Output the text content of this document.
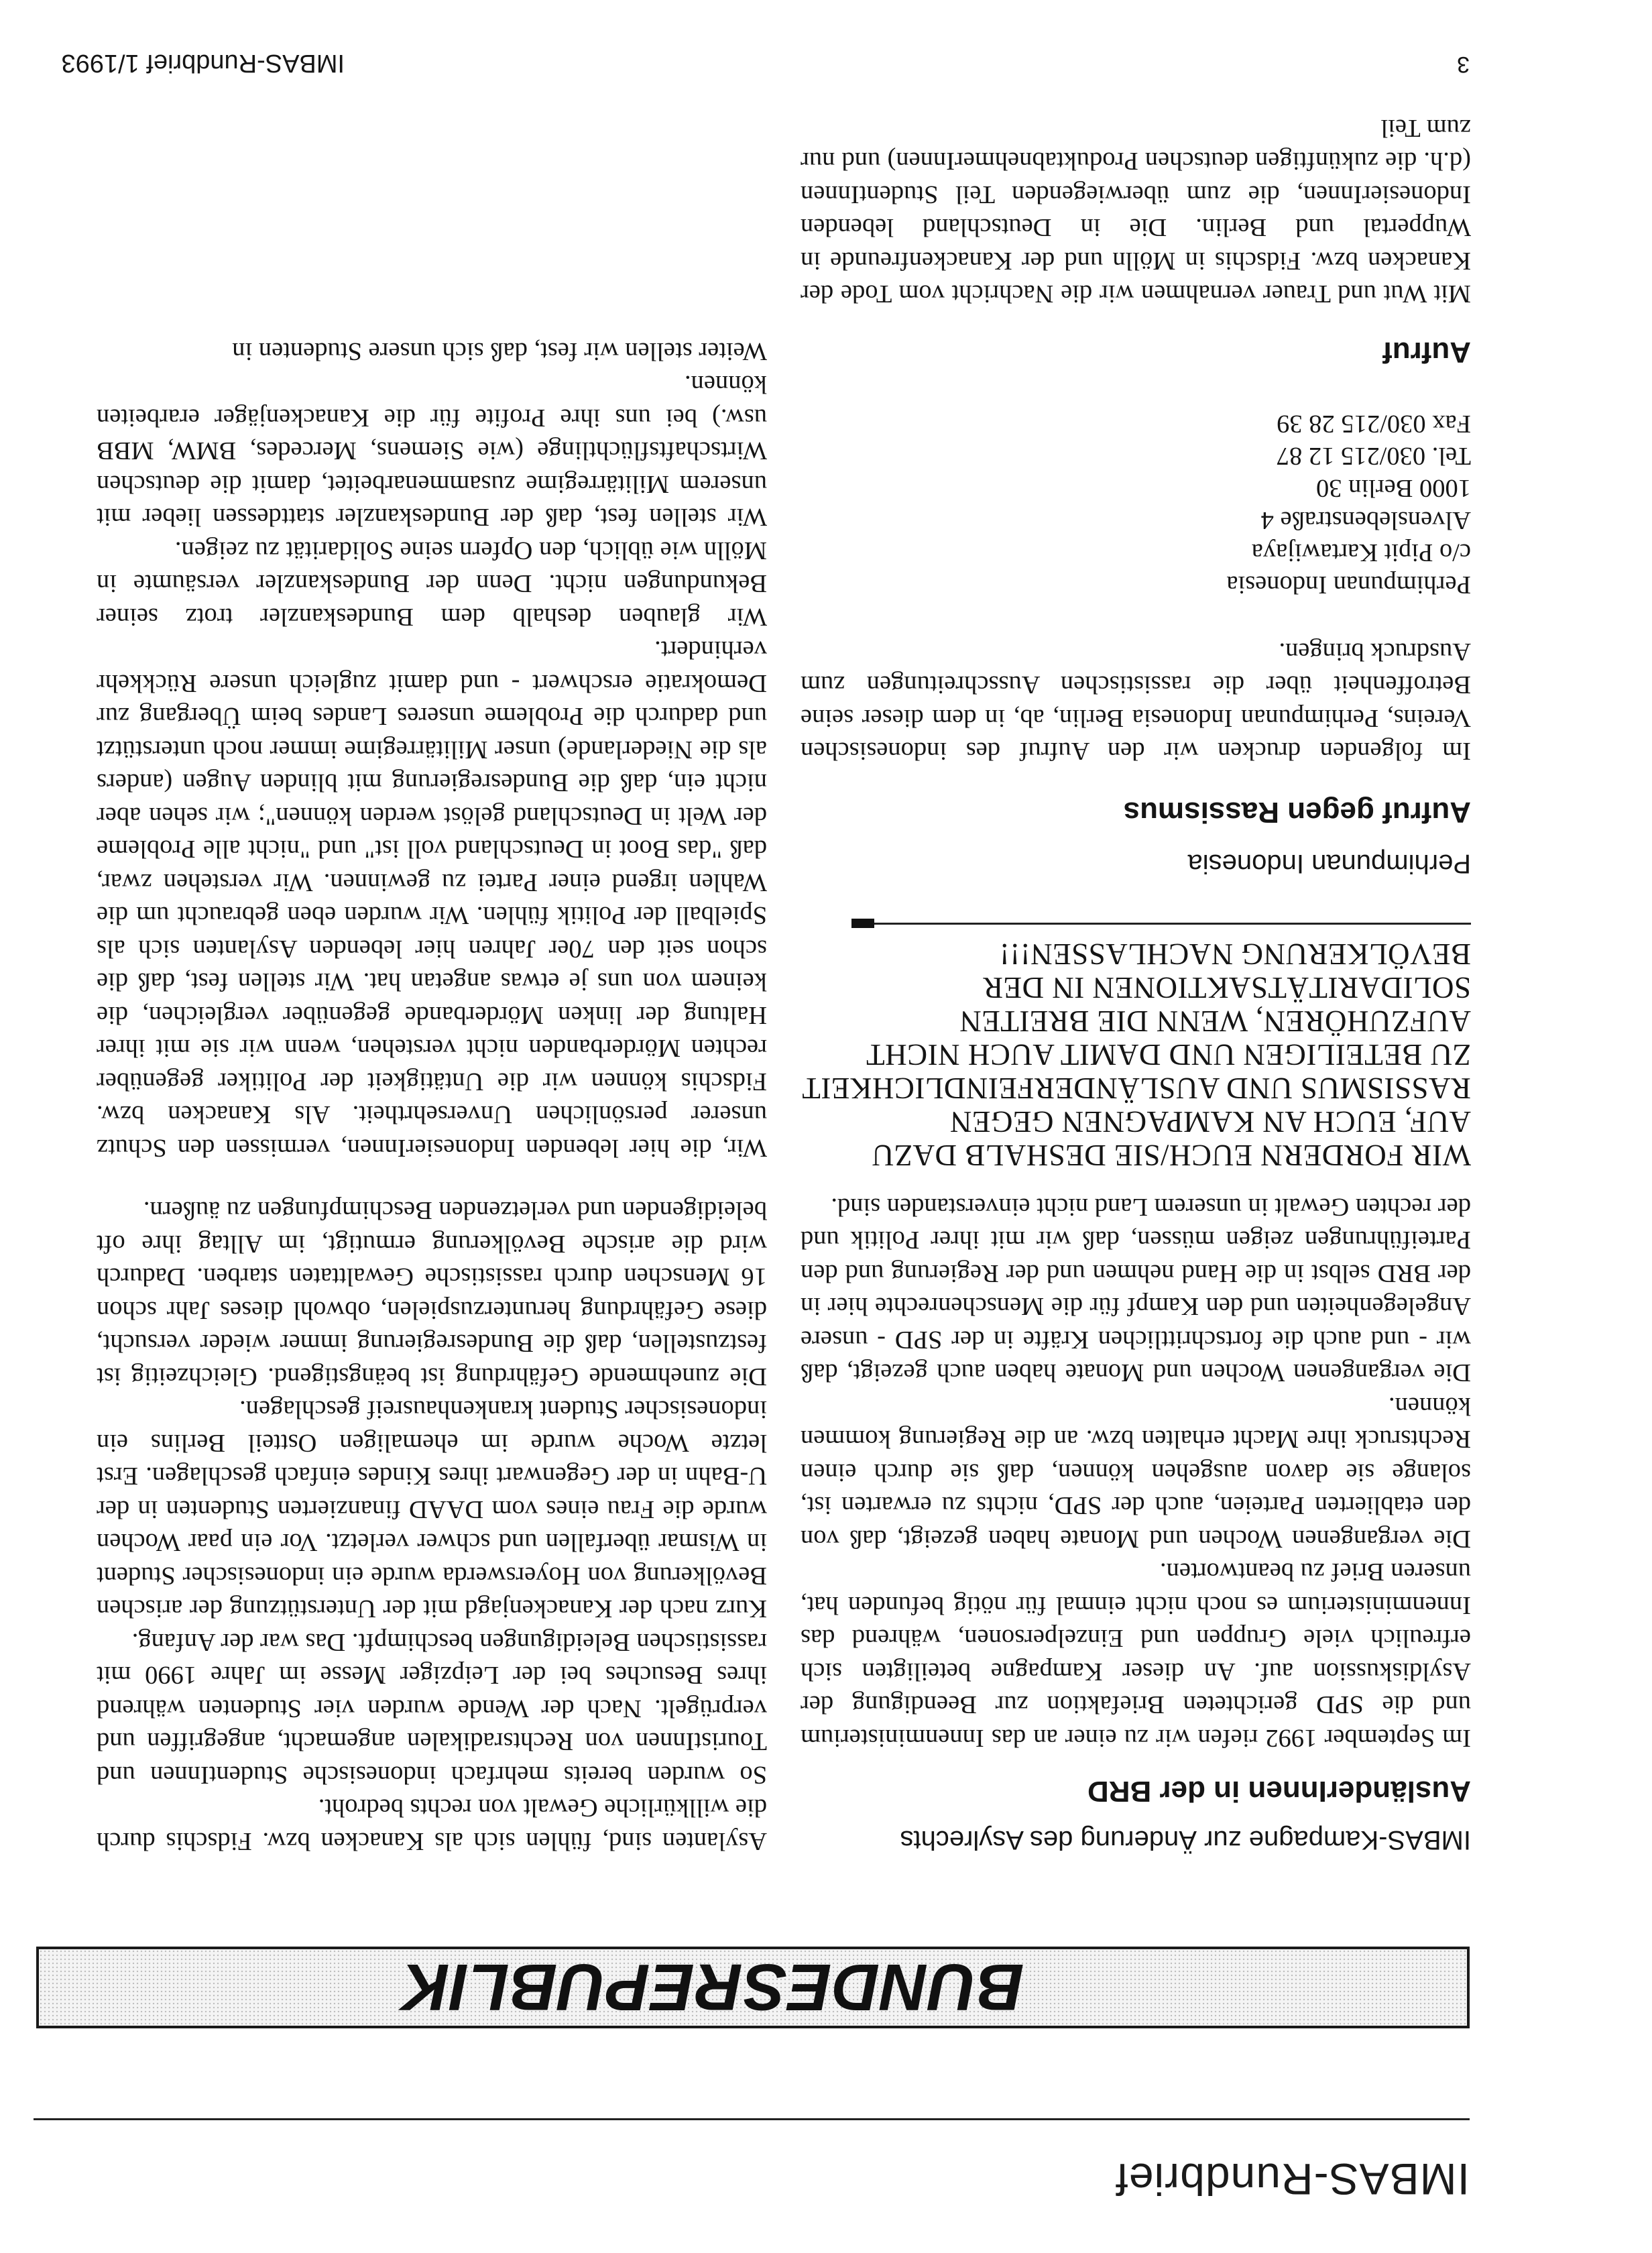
IMBAS-Rundbrief
BUNDESREPUBLIK
IMBAS-Kampagne zur Änderung des Asylrechts
AusländerInnen in der BRD

Im September 1992 riefen wir zu einer an das Innenministerium und die SPD gerichteten Briefaktion zur Beendigung der Asyldiskussion auf. An dieser Kampagne beteiligten sich erfreulich viele Gruppen und Einzelpersonen, während das Innenministerium es noch nicht einmal für nötig befunden hat, unseren Brief zu beantworten.

Die vergangenen Wochen und Monate haben gezeigt, daß von den etablierten Parteien, auch der SPD, nichts zu erwarten ist, solange sie davon ausgehen können, daß sie durch einen Rechtsruck ihre Macht erhalten bzw. an die Regierung kommen können.

Die vergangenen Wochen und Monate haben auch gezeigt, daß wir - und auch die fortschrittlichen Kräfte in der SPD - unsere Angelegenheiten und den Kampf für die Menschenrechte hier in der BRD selbst in die Hand nehmen und der Regierung und den Parteiführungen zeigen müssen, daß wir mit ihrer Politik und der rechten Gewalt in unserem Land nicht einverstanden sind.

WIR FORDERN EUCH/SIE DESHALB DAZU AUF, EUCH AN KAMPAGNEN GEGEN RASSISMUS UND AUSLÄNDERFEINDLICHKEIT ZU BETEILIGEN UND DAMIT AUCH NICHT AUFZUHÖREN, WENN DIE BREITEN SOLIDARITÄTSAKTIONEN IN DER BEVÖLKERUNG NACHLASSEN!!!

Perhimpunan Indonesia
Aufruf gegen Rassismus

Im folgenden drucken wir den Aufruf des indonesischen Vereins, Perhimpunan Indonesia Berlin, ab, in dem dieser seine Betroffenheit über die rassistischen Ausschreitungen zum Ausdruck bringen.

Perhimpunan Indonesia
c/o Pipit Kartawijaya
Alvenslebenstraße 4
1000 Berlin 30
Tel. 030/215 12 87
Fax 030/215 28 39
Aufruf

Mit Wut und Trauer vernahmen wir die Nachricht vom Tode der Kanacken bzw. Fidschis in Mölln und der Kanackenfreunde in Wuppertal und Berlin. Die in Deutschland lebenden IndonesierInnen, die zum überwiegenden Teil StudentInnen (d.h. die zukünftigen deutschen ProduktabnehmerInnen) und nur zum Teil

Asylanten sind, fühlen sich als Kanacken bzw. Fidschis durch die willkürliche Gewalt von rechts bedroht.

So wurden bereits mehrfach indonesische StudentInnen und TouristInnen von Rechtsradikalen angemacht, angegriffen und verprügelt. Nach der Wende wurden vier Studenten während ihres Besuches bei der Leipziger Messe im Jahre 1990 mit rassistischen Beleidigungen beschimpft. Das war der Anfang.

Kurz nach der Kanackenjagd mit der Unterstützung der arischen Bevölkerung von Hoyerswerda wurde ein indonesischer Student in Wismar überfallen und schwer verletzt. Vor ein paar Wochen wurde die Frau eines vom DAAD finanzierten Studenten in der U-Bahn in der Gegenwart ihres Kindes einfach geschlagen. Erst letzte Woche wurde im ehemaligen Ostteil Berlins ein indonesischer Student krankenhausreif geschlagen.

Die zunehmende Gefährdung ist beängstigend. Gleichzeitig ist festzustellen, daß die Bundesregierung immer wieder versucht, diese Gefährdung herunterzuspielen, obwohl dieses Jahr schon 16 Menschen durch rassistische Gewalttaten starben. Dadurch wird die arische Bevölkerung ermutigt, im Alltag ihre oft beleidigenden und verletzenden Beschimpfungen zu äußern.

Wir, die hier lebenden IndonesierInnen, vermissen den Schutz unserer persönlichen Unversehrtheit. Als Kanacken bzw. Fidschis können wir die Untätigkeit der Politiker gegenüber rechten Mörderbanden nicht verstehen, wenn wir sie mit ihrer Haltung der linken Mörderbande gegenüber vergleichen, die keinem von uns je etwas angetan hat. Wir stellen fest, daß die schon seit den 70er Jahren hier lebenden Asylanten sich als Spielball der Politik fühlen. Wir wurden eben gebraucht um die Wahlen irgend einer Partei zu gewinnen. Wir verstehen zwar, daß "das Boot in Deutschland voll ist" und "nicht alle Probleme der Welt in Deutschland gelöst werden können"; wir sehen aber nicht ein, daß die Bundesregierung mit blinden Augen (anders als die Niederlande) unser Militärregime immer noch unterstützt und dadurch die Probleme unseres Landes beim Übergang zur Demokratie erschwert - und damit zugleich unsere Rückkehr verhindert.

Wir glauben deshalb dem Bundeskanzler trotz seiner Bekundungen nicht. Denn der Bundeskanzler versäumte in Mölln wie üblich, den Opfern seine Solidarität zu zeigen.

Wir stellen fest, daß der Bundeskanzler stattdessen lieber mit unserem Militärregime zusammenarbeitet, damit die deutschen Wirtschaftsflüchtlinge (wie Siemens, Mercedes, BMW, MBB usw.) bei uns ihre Profite für die Kanackenjäger erarbeiten können.

Weiter stellen wir fest, daß sich unsere Studenten in

3
IMBAS-Rundbrief 1/1993
